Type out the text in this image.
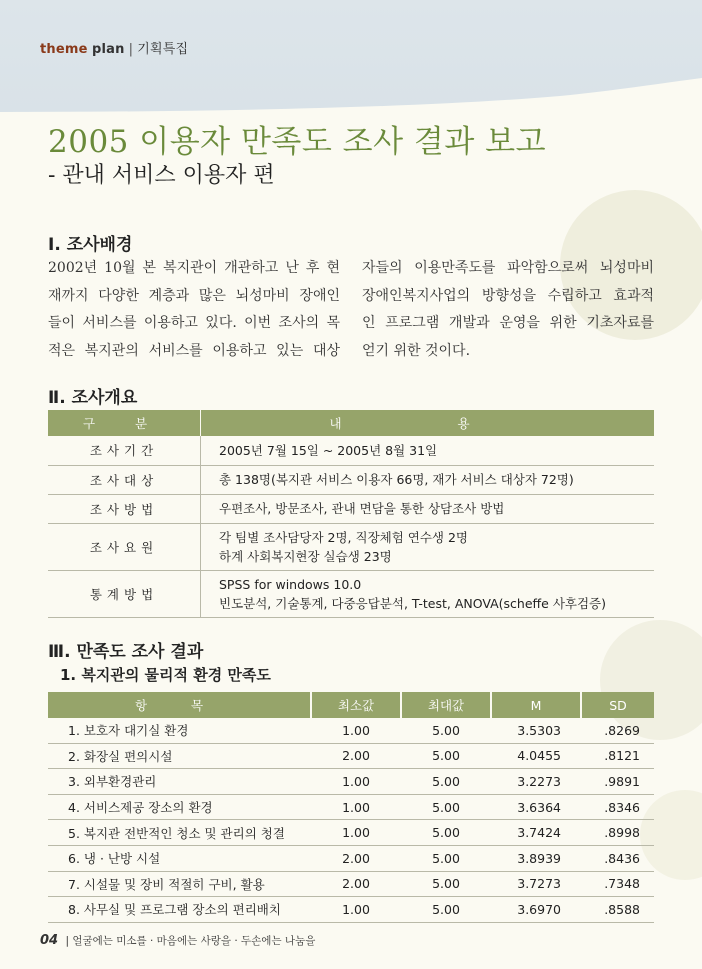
theme plan | 기획특집
2005 이용자 만족도 조사 결과 보고
- 관내 서비스 이용자 편
Ⅰ. 조사배경
2002년 10월 본 복지관이 개관하고 난 후 현
재까지 다양한 계층과 많은 뇌성마비 장애인
들이 서비스를 이용하고 있다. 이번 조사의 목
적은 복지관의 서비스를 이용하고 있는 대상
자들의 이용만족도를 파악함으로써 뇌성마비
장애인복지사업의 방향성을 수립하고 효과적
인 프로그램 개발과 운영을 위한 기초자료를
얻기 위한 것이다.
Ⅱ. 조사개요
구 분	내 용
조사기간	2005년 7월 15일 ~ 2005년 8월 31일

조사대상	총 138명(복지관 서비스 이용자 66명, 재가 서비스 대상자 72명)

조사방법	우편조사, 방문조사, 관내 면담을 통한 상담조사 방법

조사요원	각 팀별 조사담당자 2명, 직장체험 연수생 2명
하계 사회복지현장 실습생 23명

통계방법	SPSS for windows 10.0
빈도분석, 기술통계, 다중응답분석, T-test, ANOVA(scheffe 사후검증)
Ⅲ. 만족도 조사 결과
1. 복지관의 물리적 환경 만족도
항 목	최소값	최대값	M	SD
1. 보호자 대기실 환경	1.00	5.00	3.5303	.8269
2. 화장실 편의시설	2.00	5.00	4.0455	.8121
3. 외부환경관리	1.00	5.00	3.2273	.9891
4. 서비스제공 장소의 환경	1.00	5.00	3.6364	.8346
5. 복지관 전반적인 청소 및 관리의 청결	1.00	5.00	3.7424	.8998
6. 냉 · 난방 시설	2.00	5.00	3.8939	.8436
7. 시설물 및 장비 적절히 구비, 활용	2.00	5.00	3.7273	.7348
8. 사무실 및 프로그램 장소의 편리배치	1.00	5.00	3.6970	.8588
04 | 얼굴에는 미소를 · 마음에는 사랑을 · 두손에는 나눔을
